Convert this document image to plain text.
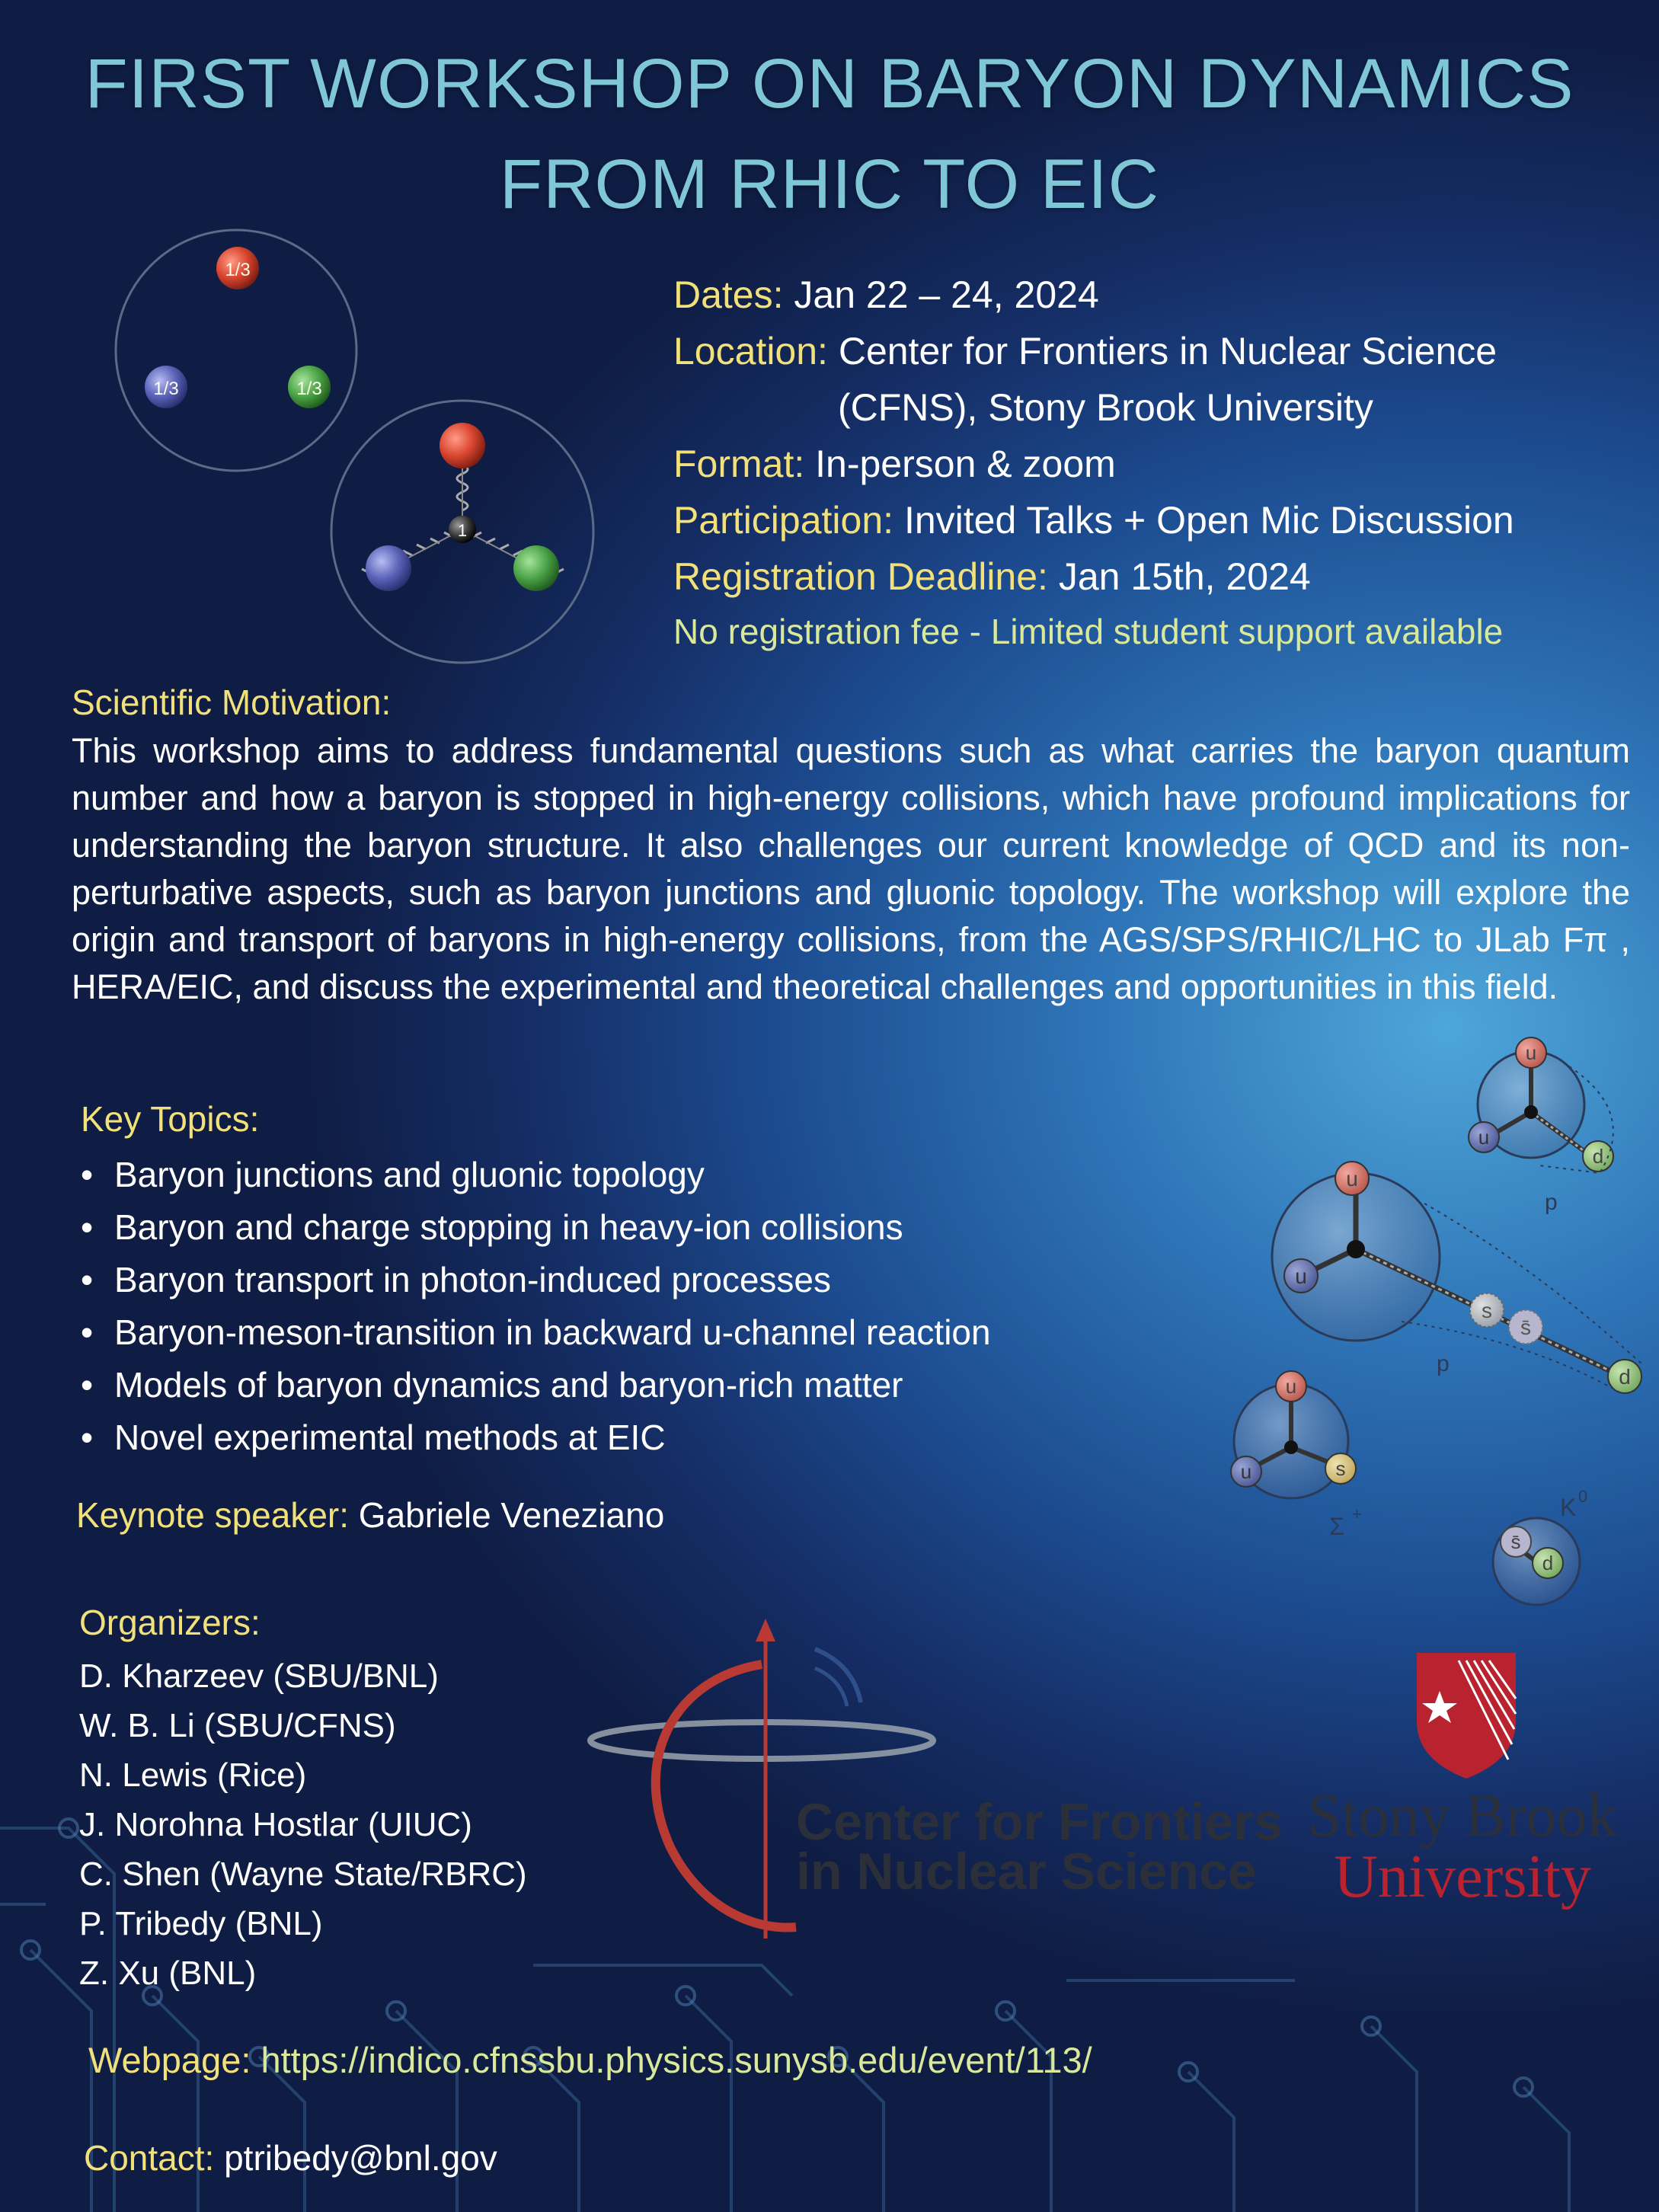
FIRST WORKSHOP ON BARYON DYNAMICS
FROM RHIC TO EIC
1/3
1/3	1/3
1
Dates: Jan 22 – 24, 2024
Location: Center for Frontiers in Nuclear Science
(CFNS), Stony Brook University
Format: In-person & zoom
Participation: Invited Talks + Open Mic Discussion
Registration Deadline: Jan 15th, 2024
No registration fee - Limited student support available
Scientific Motivation:
This workshop aims to address fundamental questions such as what carries the baryon quantum number and how a baryon is stopped in high-energy collisions, which have profound implications for understanding the baryon structure. It also challenges our current knowledge of QCD and its non-perturbative aspects, such as baryon junctions and gluonic topology. The workshop will explore the origin and transport of baryons in high-energy collisions, from the AGS/SPS/RHIC/LHC to JLab Fπ , HERA/EIC, and discuss the experimental and theoretical challenges and opportunities in this field.
Key Topics:
• Baryon junctions and gluonic topology
• Baryon and charge stopping in heavy-ion collisions
• Baryon transport in photon-induced processes
• Baryon-meson-transition in backward u-channel reaction
• Models of baryon dynamics and baryon-rich matter
• Novel experimental methods at EIC
Keynote speaker: Gabriele Veneziano
Organizers:
D. Kharzeev (SBU/BNL)
W. B. Li (SBU/CFNS)
N. Lewis (Rice)
J. Norohna Hostlar (UIUC)
C. Shen (Wayne State/RBRC)
P. Tribedy (BNL)
Z. Xu (BNL)
u
u
d
p
u
u
s
s̄
d
p
u
u	s
Σ +
s̄
d
K 0
Center for Frontiers
in Nuclear Science
Stony Brook
University
Webpage: https://indico.cfnssbu.physics.sunysb.edu/event/113/
Contact: ptribedy@bnl.gov
